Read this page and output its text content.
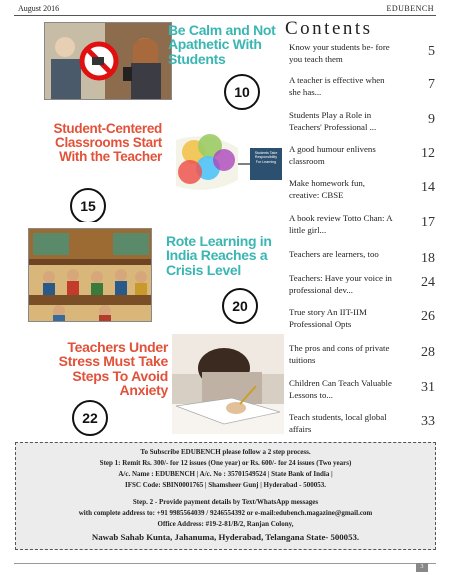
August 2016	EDUBENCH
Be Calm and Not Apathetic With Students
10
Student-Centered Classrooms Start With the Teacher	Students Take Responsibility For Learning
15
Rote Learning in India Reaches a Crisis Level
20
Teachers Under Stress Must Take Steps To Avoid Anxiety
22
Contents
Know your students be- fore you teach them	5
A teacher is effective when she has...	7
Students Play a Role in Teachers' Professional ...	9
A good humour enlivens classroom	12
Make homework fun, creative: CBSE	14
A book review Totto Chan: A little girl...	17
Teachers are learners, too	18
Teachers: Have your voice in professional dev...	24
True story An IIT-IIM Professional Opts	26
The pros and cons of private tuitions	28
Children Can Teach Valuable Lessons to...	31
Teach students, local global affairs	33
To Subscribe EDUBENCH please follow a 2 step process.
Step 1: Remit Rs. 300/- for 12 issues (One year) or Rs. 600/- for 24 issues (Two years)
A/c. Name : EDUBENCH | A/c. No : 35701549524 | State Bank of India |
IFSC Code: SBIN0001765 | Shamsheer Gunj | Hyderabad - 500053.
Step. 2 - Provide payment details by Text/WhatsApp messages
with complete address to: +91 9985564039 / 9246554392 or e-mail:edubench.magazine@gmail.com
Office Address: #19-2-81/B/2, Ranjan Colony,
Nawab Sahab Kunta, Jahanuma, Hyderabad, Telangana State- 500053.
3
